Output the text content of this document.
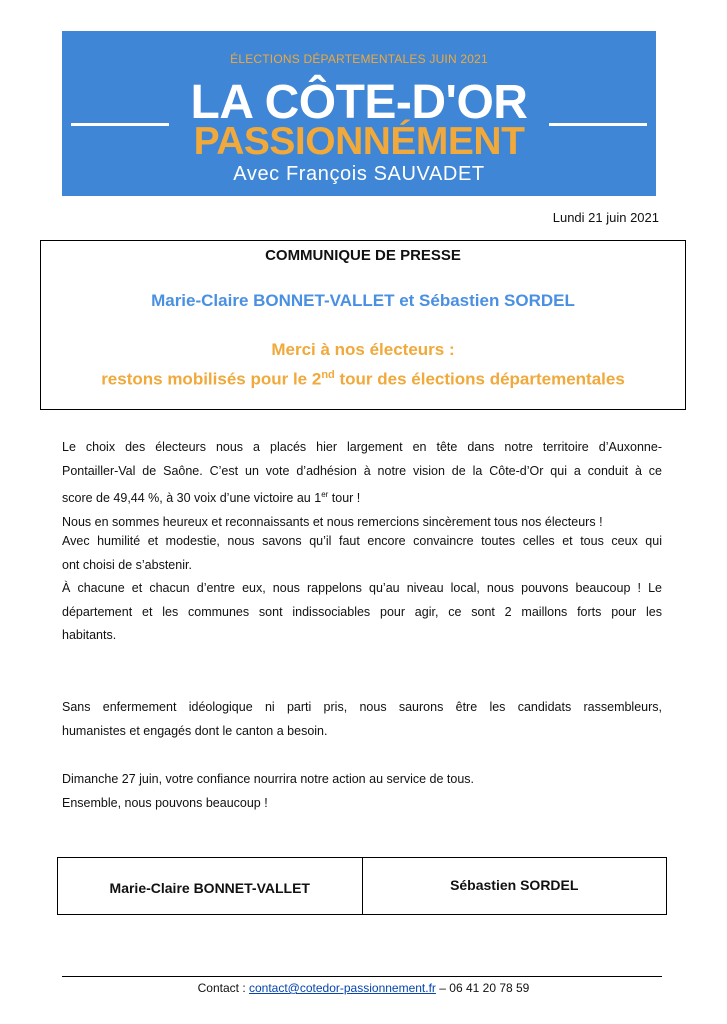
ÉLECTIONS DÉPARTEMENTALES JUIN 2021
LA CÔTE-D'OR
PASSIONNÉMENT
Avec François SAUVADET
Lundi 21 juin 2021
COMMUNIQUE DE PRESSE
Marie-Claire BONNET-VALLET et Sébastien SORDEL
Merci à nos électeurs :
restons mobilisés pour le 2nd tour des élections départementales
Le choix des électeurs nous a placés hier largement en tête dans notre territoire d’Auxonne-
Pontailler-Val de Saône. C’est un vote d’adhésion à notre vision de la Côte-d’Or qui a conduit à ce
score de 49,44 %, à 30 voix d’une victoire au 1er tour !
Nous en sommes heureux et reconnaissants et nous remercions sincèrement tous nos électeurs !
Avec humilité et modestie, nous savons qu’il faut encore convaincre toutes celles et tous ceux qui
ont choisi de s’abstenir.
À chacune et chacun d’entre eux, nous rappelons qu’au niveau local, nous pouvons beaucoup ! Le
département et les communes sont indissociables pour agir, ce sont 2 maillons forts pour les
habitants.
Sans enfermement idéologique ni parti pris, nous saurons être les candidats rassembleurs,
humanistes et engagés dont le canton a besoin.
Dimanche 27 juin, votre confiance nourrira notre action au service de tous.
Ensemble, nous pouvons beaucoup !
Marie-Claire BONNET-VALLET	Sébastien SORDEL
Contact : contact@cotedor-passionnement.fr – 06 41 20 78 59
